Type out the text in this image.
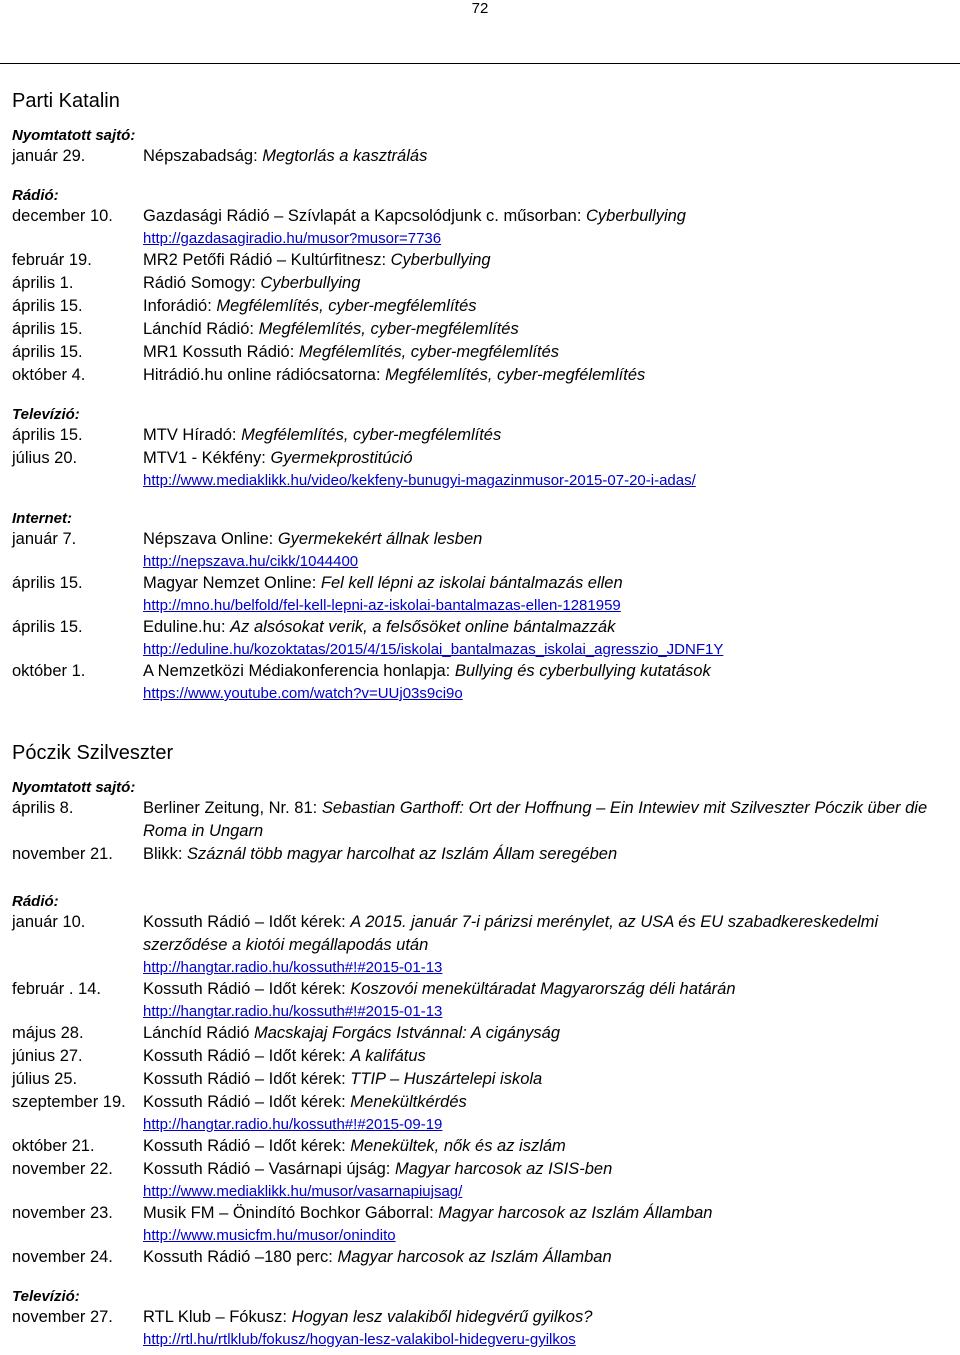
72
Parti Katalin
Nyomtatott sajtó:
január 29.	Népszabadság: Megtorlás a kasztrálás
Rádió:
december 10.	Gazdasági Rádió – Szívlapát a Kapcsolódjunk c. műsorban: Cyberbullying
http://gazdasagiradio.hu/musor?musor=7736
február 19.	MR2 Petőfi Rádió – Kultúrfitnesz: Cyberbullying
április 1.	Rádió Somogy: Cyberbullying
április 15.	Inforádió: Megfélemlítés, cyber-megfélemlítés
április 15.	Lánchíd Rádió: Megfélemlítés, cyber-megfélemlítés
április 15.	MR1 Kossuth Rádió: Megfélemlítés, cyber-megfélemlítés
október 4.	Hitrádió.hu online rádiócsatorna: Megfélemlítés, cyber-megfélemlítés
Televízió:
április 15.	MTV Híradó: Megfélemlítés, cyber-megfélemlítés
július 20.	MTV1 - Kékfény: Gyermekprostitúció
http://www.mediaklikk.hu/video/kekfeny-bunugyi-magazinmusor-2015-07-20-i-adas/
Internet:
január 7.	Népszava Online: Gyermekekért állnak lesben
http://nepszava.hu/cikk/1044400
április 15.	Magyar Nemzet Online: Fel kell lépni az iskolai bántalmazás ellen
http://mno.hu/belfold/fel-kell-lepni-az-iskolai-bantalmazas-ellen-1281959
április 15.	Eduline.hu: Az alsósokat verik, a felsősöket online bántalmazzák
http://eduline.hu/kozoktatas/2015/4/15/iskolai_bantalmazas_iskolai_agresszio_JDNF1Y
október 1.	A Nemzetközi Médiakonferencia honlapja: Bullying és cyberbullying kutatások
https://www.youtube.com/watch?v=UUj03s9ci9o
Póczik Szilveszter
Nyomtatott sajtó:
április 8.	Berliner Zeitung, Nr. 81: Sebastian Garthoff: Ort der Hoffnung – Ein Intewiev mit Szilveszter Póczik über die Roma in Ungarn
november 21.	Blikk: Száznál több magyar harcolhat az Iszlám Állam seregében
Rádió:
január 10.	Kossuth Rádió – Időt kérek: A 2015. január 7-i párizsi merénylet, az USA és EU szabadkereskedelmi szerződése a kiotói megállapodás után
http://hangtar.radio.hu/kossuth#!#2015-01-13
február . 14.	Kossuth Rádió – Időt kérek: Koszovói menekültáradat Magyarország déli határán
http://hangtar.radio.hu/kossuth#!#2015-01-13
május 28.	Lánchíd Rádió Macskajaj Forgács Istvánnal: A cigányság
június 27.	Kossuth Rádió – Időt kérek: A kalifátus
július 25.	Kossuth Rádió – Időt kérek: TTIP – Huszártelepi iskola
szeptember 19.	Kossuth Rádió – Időt kérek: Menekültkérdés
http://hangtar.radio.hu/kossuth#!#2015-09-19
október 21.	Kossuth Rádió – Időt kérek: Menekültek, nők és az iszlám
november 22.	Kossuth Rádió – Vasárnapi újság: Magyar harcosok az ISIS-ben
http://www.mediaklikk.hu/musor/vasarnapiujsag/
november 23.	Musik FM – Önindító Bochkor Gáborral: Magyar harcosok az Iszlám Államban
http://www.musicfm.hu/musor/onindito
november 24.	Kossuth Rádió –180 perc: Magyar harcosok az Iszlám Államban
Televízió:
november 27.	RTL Klub – Fókusz: Hogyan lesz valakiből hidegvérű gyilkos?
http://rtl.hu/rtlklub/fokusz/hogyan-lesz-valakibol-hidegveru-gyilkos
